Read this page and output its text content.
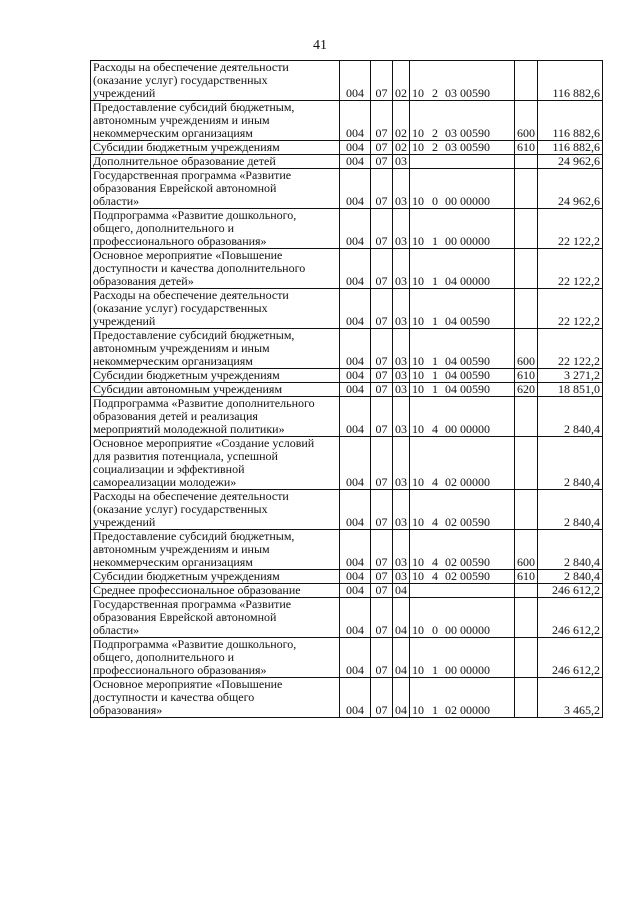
41
Расходы на обеспечение деятельности
(оказание услуг) государственных
учреждений	004	07	02	10 2 03 00590		116 882,6

Предоставление субсидий бюджетным,
автономным учреждениям и иным
некоммерческим организациям	004	07	02	10 2 03 00590	600	116 882,6

Субсидии бюджетным учреждениям	004	07	02	10 2 03 00590	610	116 882,6

Дополнительное образование детей	004	07	03			24 962,6

Государственная программа «Развитие
образования Еврейской автономной
области»	004	07	03	10 0 00 00000		24 962,6

Подпрограмма «Развитие дошкольного,
общего, дополнительного и
профессионального образования»	004	07	03	10 1 00 00000		22 122,2

Основное мероприятие «Повышение
доступности и качества дополнительного
образования детей»	004	07	03	10 1 04 00000		22 122,2

Расходы на обеспечение деятельности
(оказание услуг) государственных
учреждений	004	07	03	10 1 04 00590		22 122,2

Предоставление субсидий бюджетным,
автономным учреждениям и иным
некоммерческим организациям	004	07	03	10 1 04 00590	600	22 122,2

Субсидии бюджетным учреждениям	004	07	03	10 1 04 00590	610	3 271,2

Субсидии автономным учреждениям	004	07	03	10 1 04 00590	620	18 851,0

Подпрограмма «Развитие дополнительного
образования детей и реализация
мероприятий молодежной политики»	004	07	03	10 4 00 00000		2 840,4

Основное мероприятие «Создание условий
для развития потенциала, успешной
социализации и эффективной
самореализации молодежи»	004	07	03	10 4 02 00000		2 840,4

Расходы на обеспечение деятельности
(оказание услуг) государственных
учреждений	004	07	03	10 4 02 00590		2 840,4

Предоставление субсидий бюджетным,
автономным учреждениям и иным
некоммерческим организациям	004	07	03	10 4 02 00590	600	2 840,4

Субсидии бюджетным учреждениям	004	07	03	10 4 02 00590	610	2 840,4

Среднее профессиональное образование	004	07	04			246 612,2

Государственная программа «Развитие
образования Еврейской автономной
области»	004	07	04	10 0 00 00000		246 612,2

Подпрограмма «Развитие дошкольного,
общего, дополнительного и
профессионального образования»	004	07	04	10 1 00 00000		246 612,2

Основное мероприятие «Повышение
доступности и качества общего
образования»	004	07	04	10 1 02 00000		3 465,2
